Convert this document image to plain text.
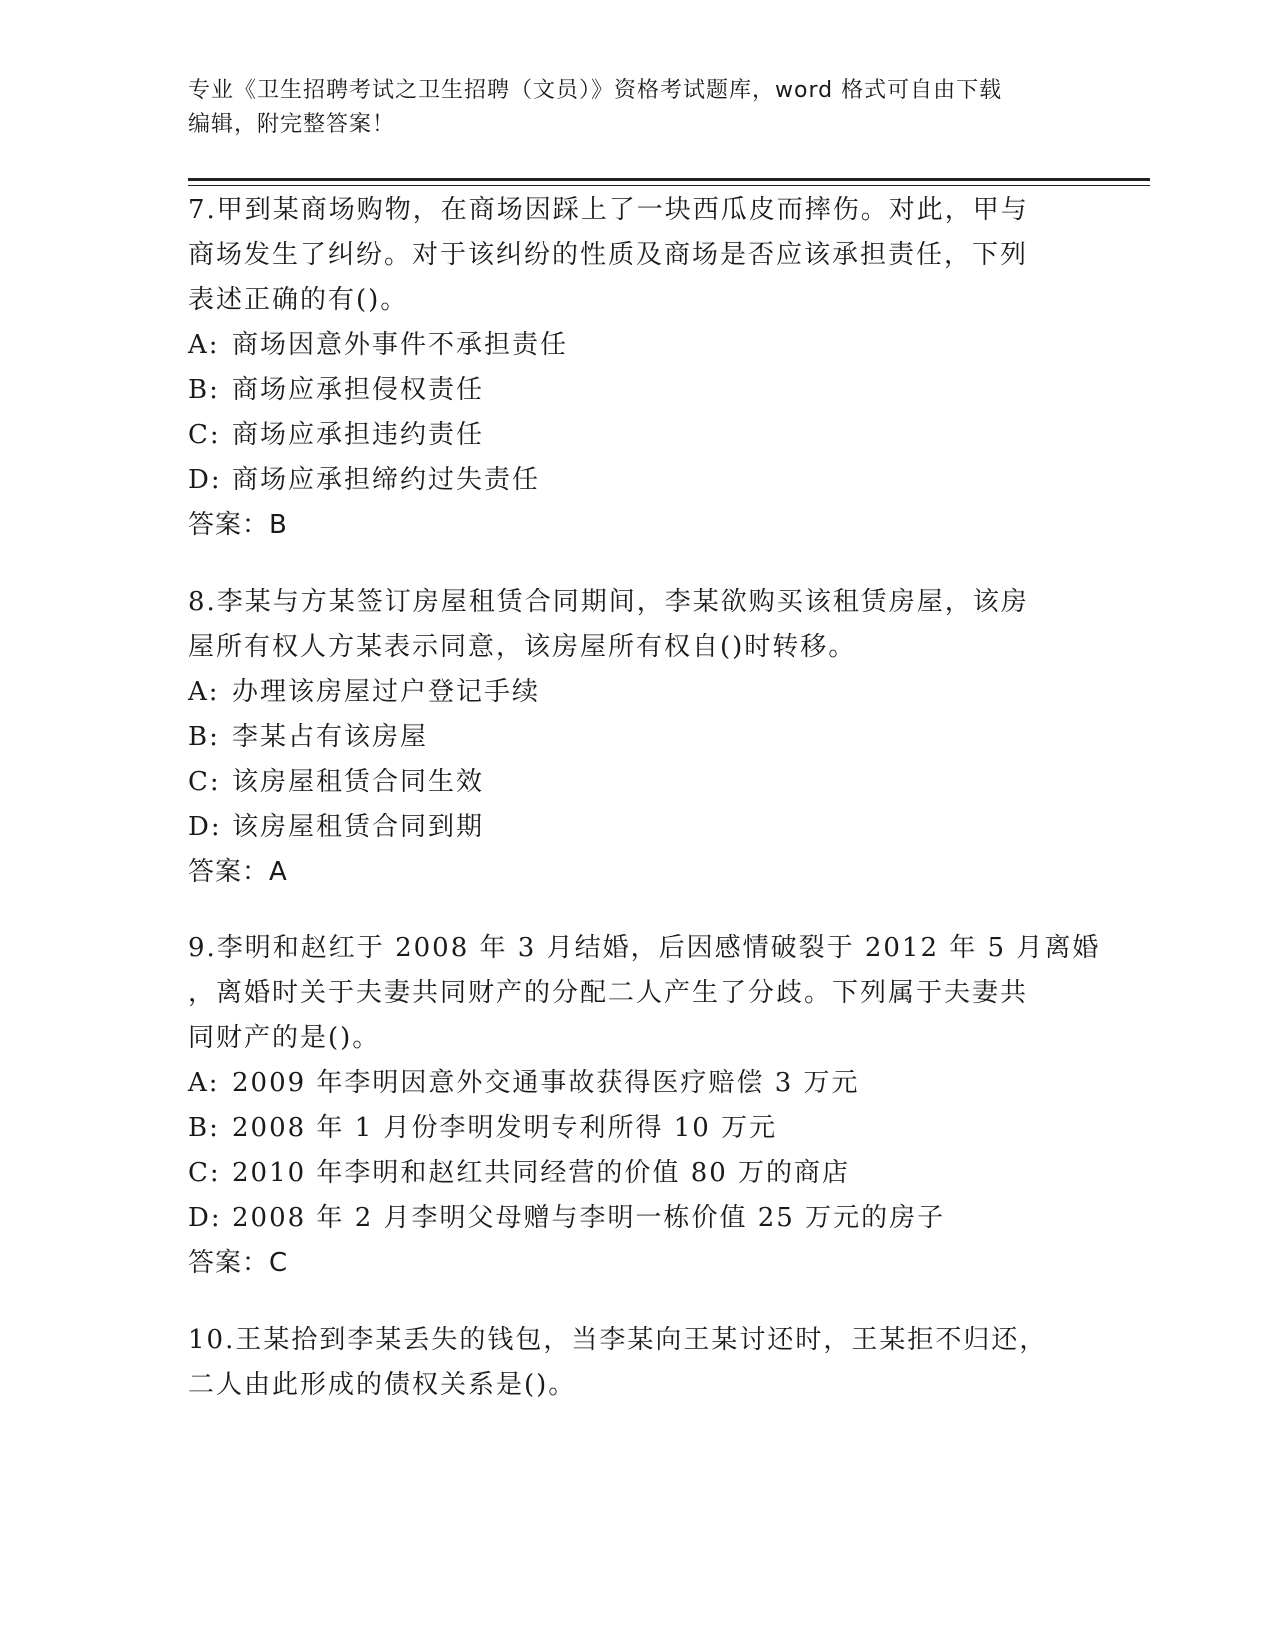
专业《卫生招聘考试之卫生招聘（文员）》资格考试题库，word 格式可自由下载
编辑，附完整答案！
7.甲到某商场购物，在商场因踩上了一块西瓜皮而摔伤。对此，甲与
商场发生了纠纷。对于该纠纷的性质及商场是否应该承担责任，下列
表述正确的有()。
A: 商场因意外事件不承担责任
B: 商场应承担侵权责任
C: 商场应承担违约责任
D: 商场应承担缔约过失责任
答案：B
8.李某与方某签订房屋租赁合同期间，李某欲购买该租赁房屋，该房
屋所有权人方某表示同意，该房屋所有权自()时转移。
A: 办理该房屋过户登记手续
B: 李某占有该房屋
C: 该房屋租赁合同生效
D: 该房屋租赁合同到期
答案：A
9.李明和赵红于 2008 年 3 月结婚，后因感情破裂于 2012 年 5 月离婚
，离婚时关于夫妻共同财产的分配二人产生了分歧。下列属于夫妻共
同财产的是()。
A: 2009 年李明因意外交通事故获得医疗赔偿 3 万元
B: 2008 年 1 月份李明发明专利所得 10 万元
C: 2010 年李明和赵红共同经营的价值 80 万的商店
D: 2008 年 2 月李明父母赠与李明一栋价值 25 万元的房子
答案：C
10.王某拾到李某丢失的钱包，当李某向王某讨还时，王某拒不归还，
二人由此形成的债权关系是()。
